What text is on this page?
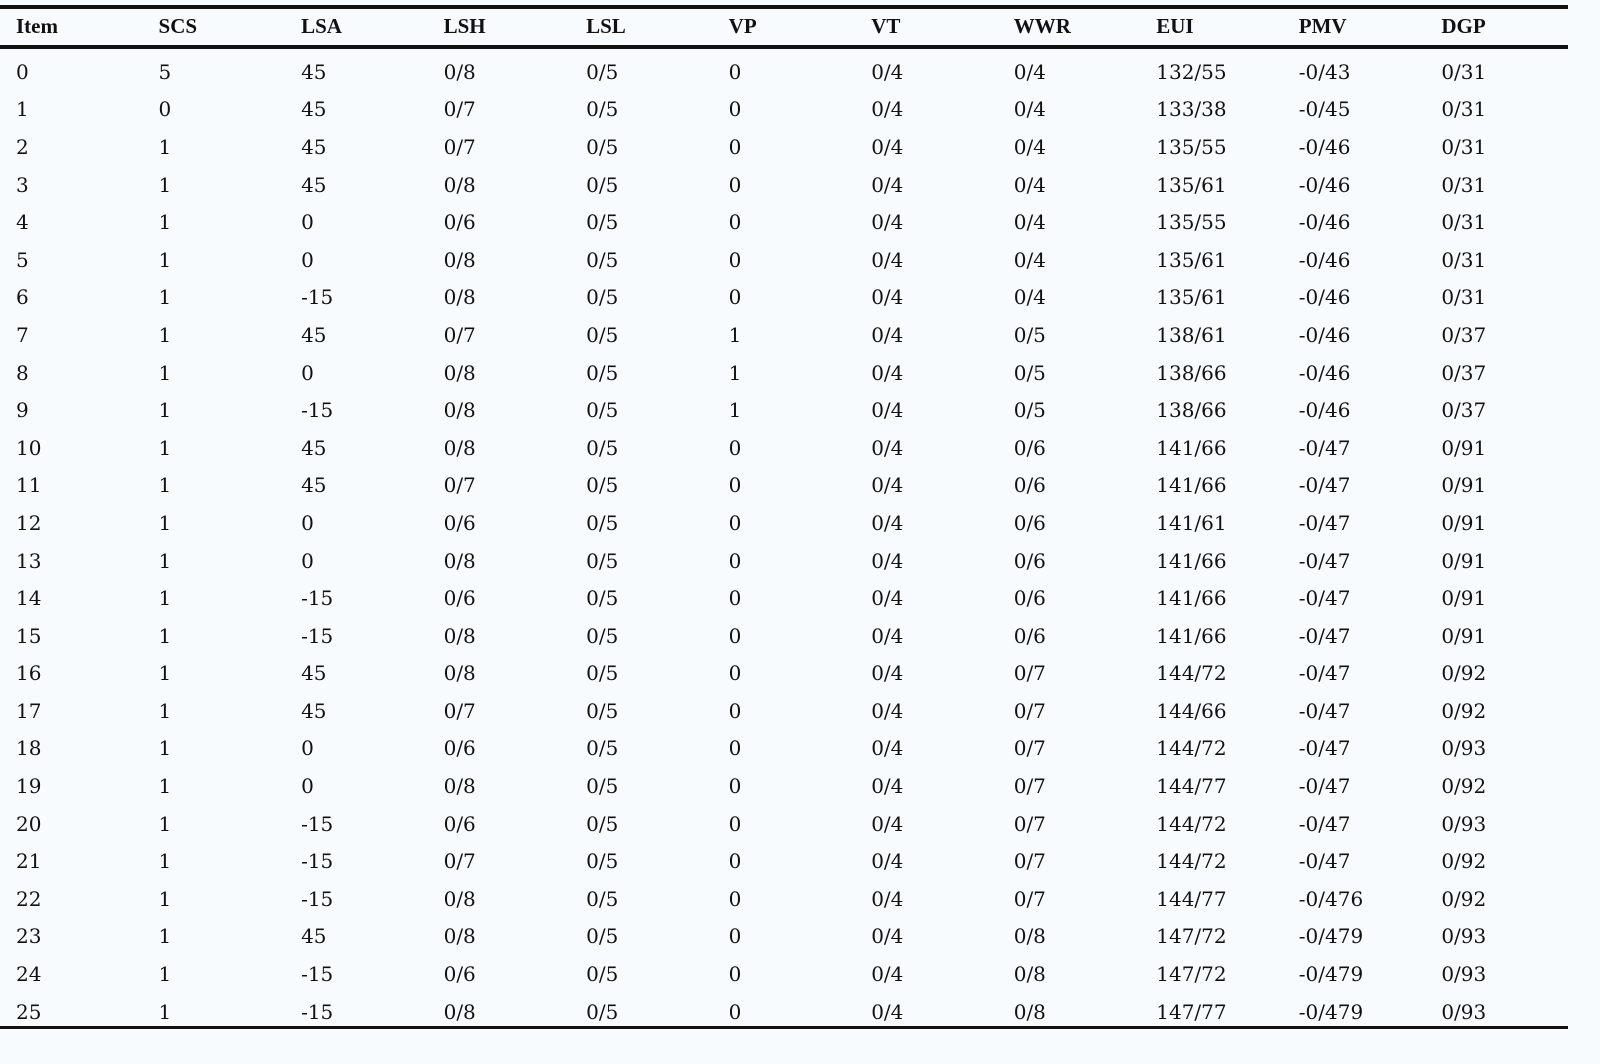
Item	SCS	LSA	LSH	LSL	VP	VT	WWR	EUI	PMV	DGP
0	5	45	0/8	0/5	0	0/4	0/4	132/55	-0/43	0/31
1	0	45	0/7	0/5	0	0/4	0/4	133/38	-0/45	0/31
2	1	45	0/7	0/5	0	0/4	0/4	135/55	-0/46	0/31
3	1	45	0/8	0/5	0	0/4	0/4	135/61	-0/46	0/31
4	1	0	0/6	0/5	0	0/4	0/4	135/55	-0/46	0/31
5	1	0	0/8	0/5	0	0/4	0/4	135/61	-0/46	0/31
6	1	-15	0/8	0/5	0	0/4	0/4	135/61	-0/46	0/31
7	1	45	0/7	0/5	1	0/4	0/5	138/61	-0/46	0/37
8	1	0	0/8	0/5	1	0/4	0/5	138/66	-0/46	0/37
9	1	-15	0/8	0/5	1	0/4	0/5	138/66	-0/46	0/37
10	1	45	0/8	0/5	0	0/4	0/6	141/66	-0/47	0/91
11	1	45	0/7	0/5	0	0/4	0/6	141/66	-0/47	0/91
12	1	0	0/6	0/5	0	0/4	0/6	141/61	-0/47	0/91
13	1	0	0/8	0/5	0	0/4	0/6	141/66	-0/47	0/91
14	1	-15	0/6	0/5	0	0/4	0/6	141/66	-0/47	0/91
15	1	-15	0/8	0/5	0	0/4	0/6	141/66	-0/47	0/91
16	1	45	0/8	0/5	0	0/4	0/7	144/72	-0/47	0/92
17	1	45	0/7	0/5	0	0/4	0/7	144/66	-0/47	0/92
18	1	0	0/6	0/5	0	0/4	0/7	144/72	-0/47	0/93
19	1	0	0/8	0/5	0	0/4	0/7	144/77	-0/47	0/92
20	1	-15	0/6	0/5	0	0/4	0/7	144/72	-0/47	0/93
21	1	-15	0/7	0/5	0	0/4	0/7	144/72	-0/47	0/92
22	1	-15	0/8	0/5	0	0/4	0/7	144/77	-0/476	0/92
23	1	45	0/8	0/5	0	0/4	0/8	147/72	-0/479	0/93
24	1	-15	0/6	0/5	0	0/4	0/8	147/72	-0/479	0/93
25	1	-15	0/8	0/5	0	0/4	0/8	147/77	-0/479	0/93
